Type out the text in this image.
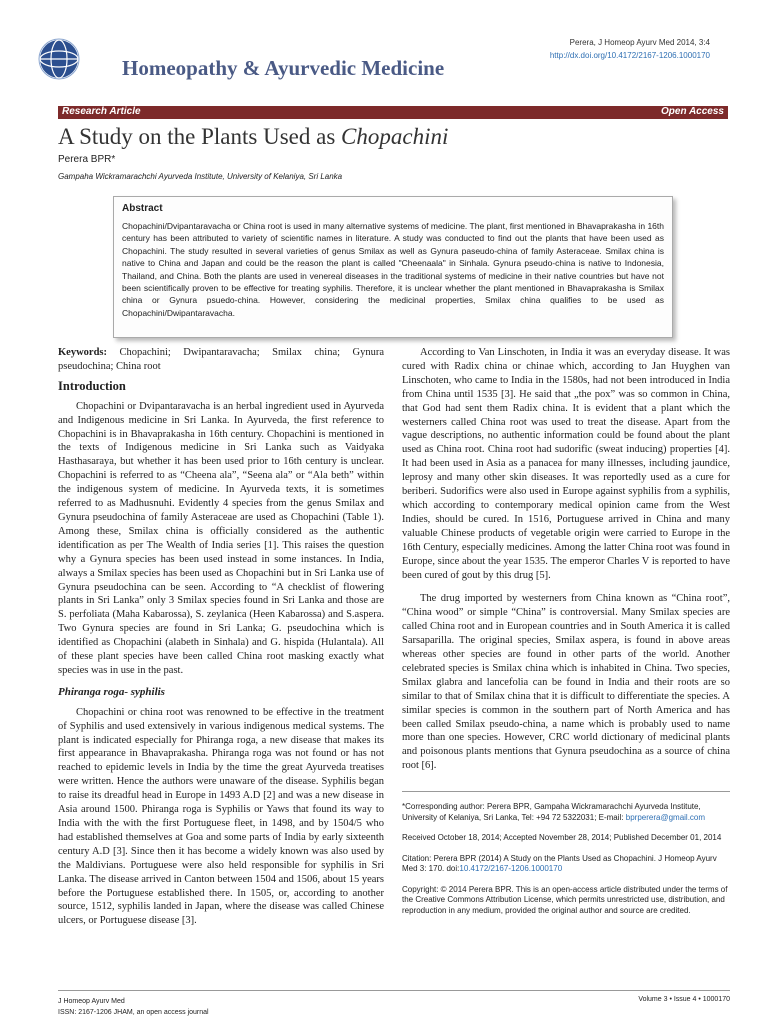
Homeopathy & Ayurvedic Medicine
Perera, J Homeop Ayurv Med 2014, 3:4
http://dx.doi.org/10.4172/2167-1206.1000170
Research Article	Open Access
A Study on the Plants Used as Chopachini
Perera BPR*
Gampaha Wickramarachchi Ayurveda Institute, University of Kelaniya, Sri Lanka
Abstract

Chopachini/Dvipantaravacha or China root is used in many alternative systems of medicine. The plant, first mentioned in Bhavaprakasha in 16th century has been attributed to variety of scientific names in literature. A study was conducted to find out the plants that have been used as Chopachini. The study resulted in several varieties of genus Smilax as well as Gynura paseudo-china of family Asteraceae. Smilax china is native to China and Japan and could be the reason the plant is called "Cheenaala" in Sinhala. Gynura pseudo-china is native to Indonesia, Thailand, and China. Both the plants are used in venereal diseases in the traditional systems of medicine in their native countries but have not been scientifically proven to be effective for treating syphilis. Therefore, it is unclear whether the plant mentioned in Bhavaprakasha is Smilax china or Gynura psuedo-china. However, considering the medicinal properties, Smilax china qualifies to be used as Chopachini/Dwipantaravacha.

Keywords: Chopachini; Dwipantaravacha; Smilax china; Gynura pseudochina; China root

Introduction

Chopachini or Dvipantaravacha is an herbal ingredient used in Ayurveda and Indigenous medicine in Sri Lanka. In Ayurveda, the first reference to Chopachini is in Bhavaprakasha in 16th century. Chopachini is mentioned in the texts of Indigenous medicine in Sri Lanka such as Vaidyaka Hasthasaraya, but whether it has been used prior to 16th century is unclear. Chopachini is referred to as “Cheena ala”, “Seena ala” or “Ala beth” within the indigenous system of medicine. In Ayurveda texts, it is sometimes referred to as Madhusnuhi. Evidently 4 species from the genus Smilax and Gynura pseudochina of family Asteraceae are used as Chopachini (Table 1). Among these, Smilax china is officially considered as the authentic identification as per The Wealth of India series [1]. This raises the question why a Gynura species has been used instead in some instances. In India, always a Smilax species has been used as Chopachini but in Sri Lanka use of Gynura pseudochina can be seen. According to “A checklist of flowering plants in Sri Lanka” only 3 Smilax species found in Sri Lanka and those are S. perfoliata (Maha Kabarossa), S. zeylanica (Heen Kabarossa) and S.aspera. Two Gynura species are found in Sri Lanka; G. pseudochina which is identified as Chopachini (alabeth in Sinhala) and G. hispida (Hulantala). All of these plant species have been called China root masking exactly what species was in use in the past.

Phiranga roga- syphilis

Chopachini or china root was renowned to be effective in the treatment of Syphilis and used extensively in various indigenous medical systems. The plant is indicated especially for Phiranga roga, a new disease that makes its first appearance in Bhavaprakasha. Phiranga roga was not found or has not reached to epidemic levels in India by the time the great Ayurveda treatises were written. Hence the authors were unaware of the disease. Syphilis began to raise its dreadful head in Europe in 1493 A.D [2] and was a new disease in Asia around 1500. Phiranga roga is Syphilis or Yaws that found its way to India with the with the first Portuguese fleet, in 1498, and by 1504/5 who had established themselves at Goa and some parts of India by early sixteenth century A.D [3]. Since then it has become a widely known was also used by the Maldivians. Portuguese were also held responsible for syphilis in Sri Lanka. The disease arrived in Canton between 1504 and 1506, about 15 years before the Portuguese established there. In 1505, or, according to another source, 1512, syphilis landed in Japan, where the disease was called Chinese ulcers, or Portuguese disease [3].

According to Van Linschoten, in India it was an everyday disease. It was cured with Radix china or chinae which, according to Jan Huyghen van Linschoten, who came to India in the 1580s, had not been introduced in India from China until 1535 [3]. He said that „the pox” was so common in China, that God had sent them Radix china. It is evident that a plant which the westerners called China root was used to treat the disease. Apart from the vague descriptions, no authentic information could be found about the plant used as China root. China root had sudorific (sweat inducing) properties [4]. It had been used in Asia as a panacea for many illnesses, including jaundice, leprosy and many other skin diseases. It was reportedly used as a cure for beriberi. Sudorifics were also used in Europe against syphilis from a syphilis, which according to contemporary medical opinion came from the West Indies, should be cured. In 1516, Portuguese arrived in China and many valuable Chinese products of vegetable origin were carried to Europe in the 16th Century, especially medicines. Among the latter China root was found in Europe, since about the year 1535. The emperor Charles V is reported to have been cured of gout by this drug [5].

The drug imported by westerners from China known as “China root”, “China wood” or simple “China” is controversial. Many Smilax species are called China root and in European countries and in South America it is called Sarsaparilla. The original species, Smilax aspera, is found in above areas whereas other species are found in other parts of the world. Another celebrated species is Smilax china which is inhabited in China. Two species, Smilax glabra and lancefolia can be found in India and their roots are so similar to that of Smilax china that it is difficult to differentiate the species. A similar species is common in the southern part of North America and has been called Smilax pseudo-china, a name which is probably used to name more than one species. However, CRC world dictionary of medicinal plants and poisonous plants mentions that Gynura pseudochina as a source of china root [6].

*Corresponding author: Perera BPR, Gampaha Wickramarachchi Ayurveda Institute, University of Kelaniya, Sri Lanka, Tel: +94 72 5322031; E-mail: bprperera@gmail.com

Received October 18, 2014; Accepted November 28, 2014; Published December 01, 2014

Citation: Perera BPR (2014) A Study on the Plants Used as Chopachini. J Homeop Ayurv Med 3: 170. doi:10.4172/2167-1206.1000170

Copyright: © 2014 Perera BPR. This is an open-access article distributed under the terms of the Creative Commons Attribution License, which permits unrestricted use, distribution, and reproduction in any medium, provided the original author and source are credited.

J Homeop Ayurv Med
ISSN: 2167-1206 JHAM, an open access journal
Volume 3 • Issue 4 • 1000170
